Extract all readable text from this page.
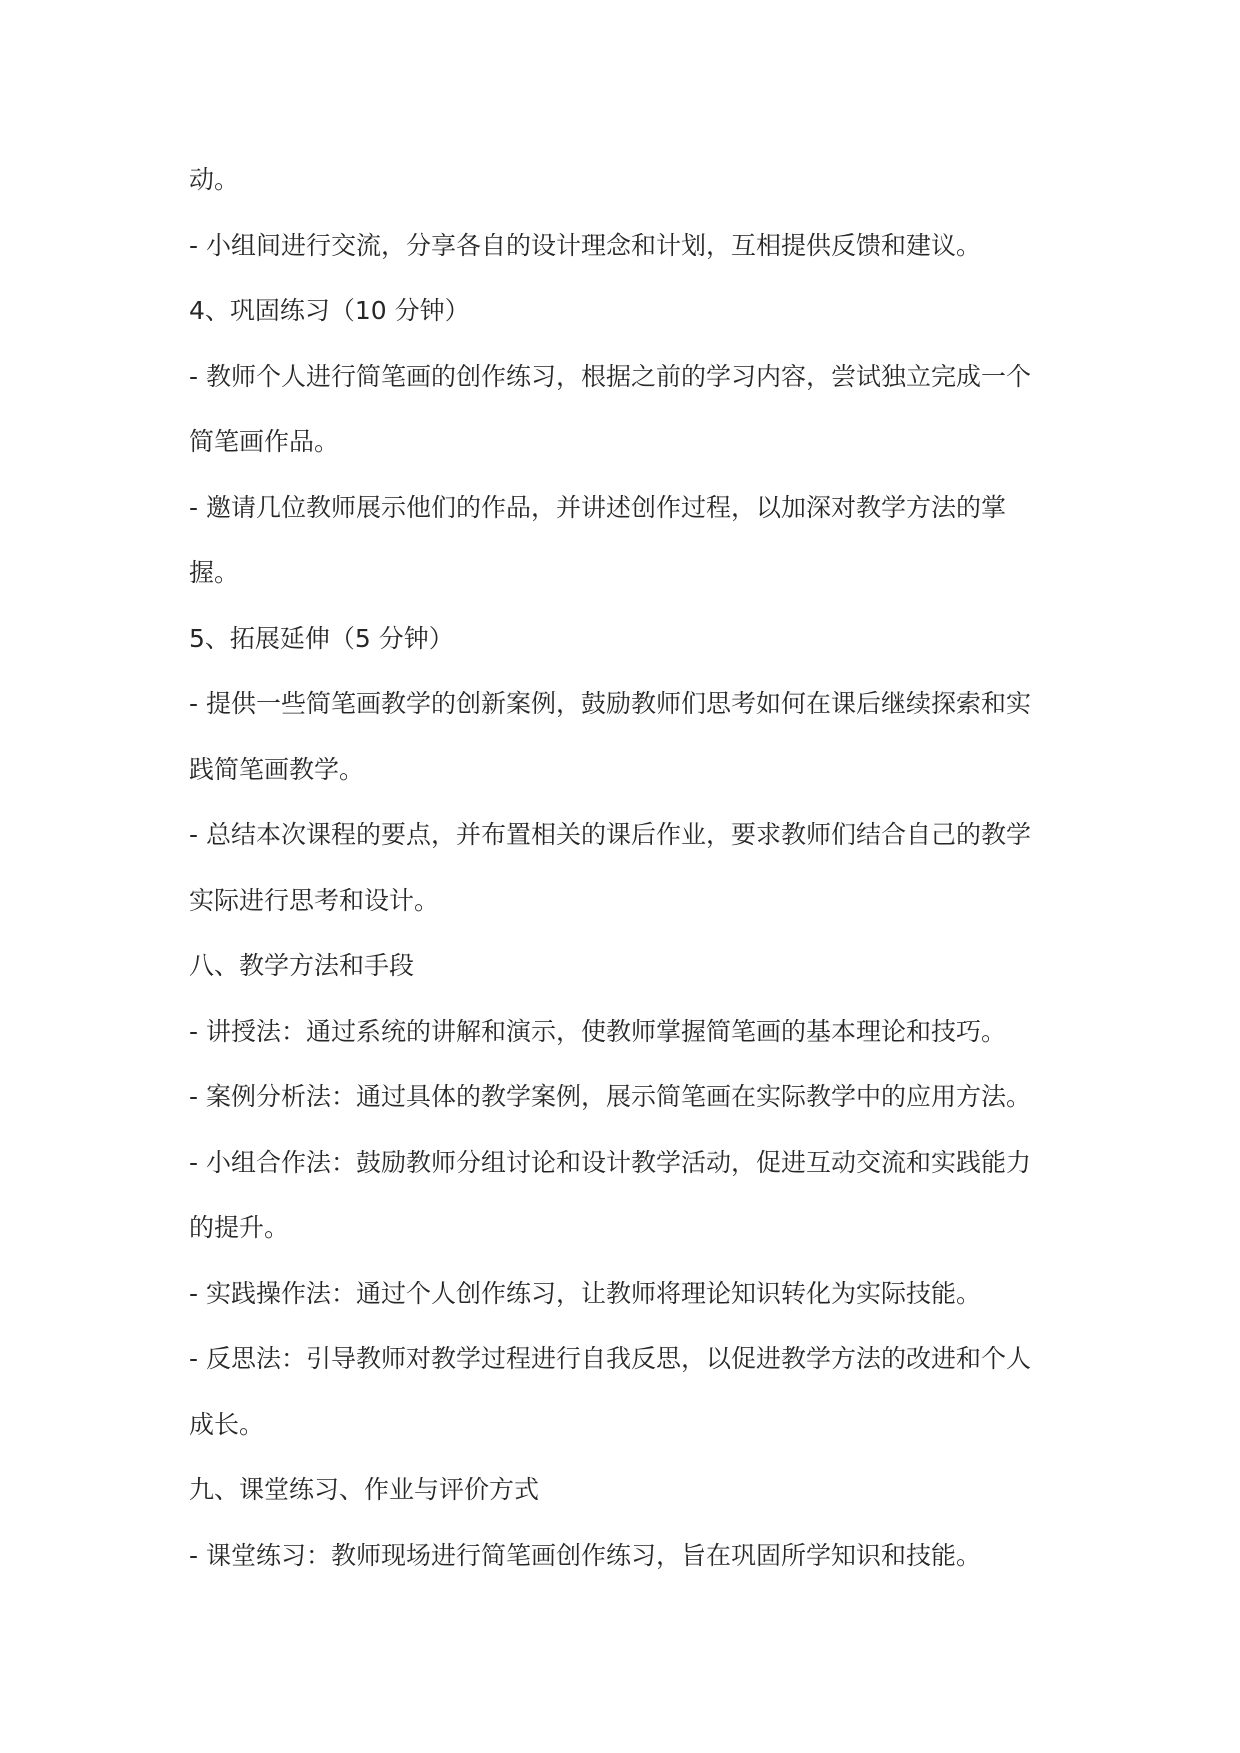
动。
- 小组间进行交流，分享各自的设计理念和计划，互相提供反馈和建议。
4、巩固练习（10 分钟）
- 教师个人进行简笔画的创作练习，根据之前的学习内容，尝试独立完成一个
简笔画作品。
- 邀请几位教师展示他们的作品，并讲述创作过程，以加深对教学方法的掌
握。
5、拓展延伸（5 分钟）
- 提供一些简笔画教学的创新案例，鼓励教师们思考如何在课后继续探索和实
践简笔画教学。
- 总结本次课程的要点，并布置相关的课后作业，要求教师们结合自己的教学
实际进行思考和设计。
八、教学方法和手段
- 讲授法：通过系统的讲解和演示，使教师掌握简笔画的基本理论和技巧。
- 案例分析法：通过具体的教学案例，展示简笔画在实际教学中的应用方法。
- 小组合作法：鼓励教师分组讨论和设计教学活动，促进互动交流和实践能力
的提升。
- 实践操作法：通过个人创作练习，让教师将理论知识转化为实际技能。
- 反思法：引导教师对教学过程进行自我反思，以促进教学方法的改进和个人
成长。
九、课堂练习、作业与评价方式
- 课堂练习：教师现场进行简笔画创作练习，旨在巩固所学知识和技能。
